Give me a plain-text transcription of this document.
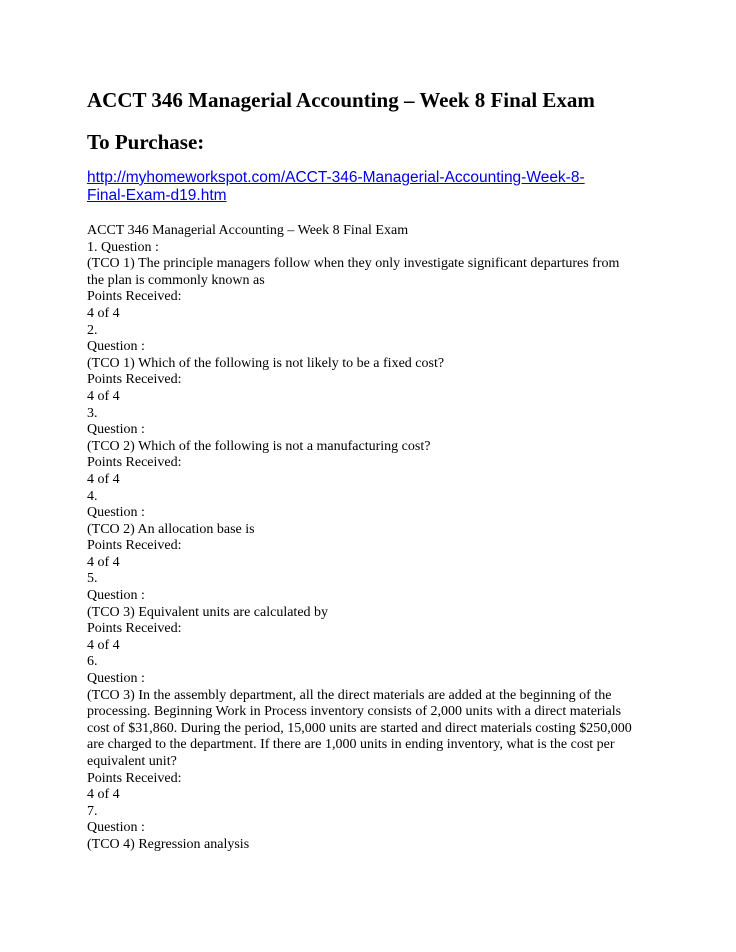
ACCT 346 Managerial Accounting – Week 8 Final Exam
To Purchase:
http://myhomeworkspot.com/ACCT-346-Managerial-Accounting-Week-8-
Final-Exam-d19.htm
ACCT 346 Managerial Accounting – Week 8 Final Exam
1. Question :
(TCO 1) The principle managers follow when they only investigate significant departures from
the plan is commonly known as
Points Received:
4 of 4
2.
Question :
(TCO 1) Which of the following is not likely to be a fixed cost?
Points Received:
4 of 4
3.
Question :
(TCO 2) Which of the following is not a manufacturing cost?
Points Received:
4 of 4
4.
Question :
(TCO 2) An allocation base is
Points Received:
4 of 4
5.
Question :
(TCO 3) Equivalent units are calculated by
Points Received:
4 of 4
6.
Question :
(TCO 3) In the assembly department, all the direct materials are added at the beginning of the
processing. Beginning Work in Process inventory consists of 2,000 units with a direct materials
cost of $31,860. During the period, 15,000 units are started and direct materials costing $250,000
are charged to the department. If there are 1,000 units in ending inventory, what is the cost per
equivalent unit?
Points Received:
4 of 4
7.
Question :
(TCO 4) Regression analysis
